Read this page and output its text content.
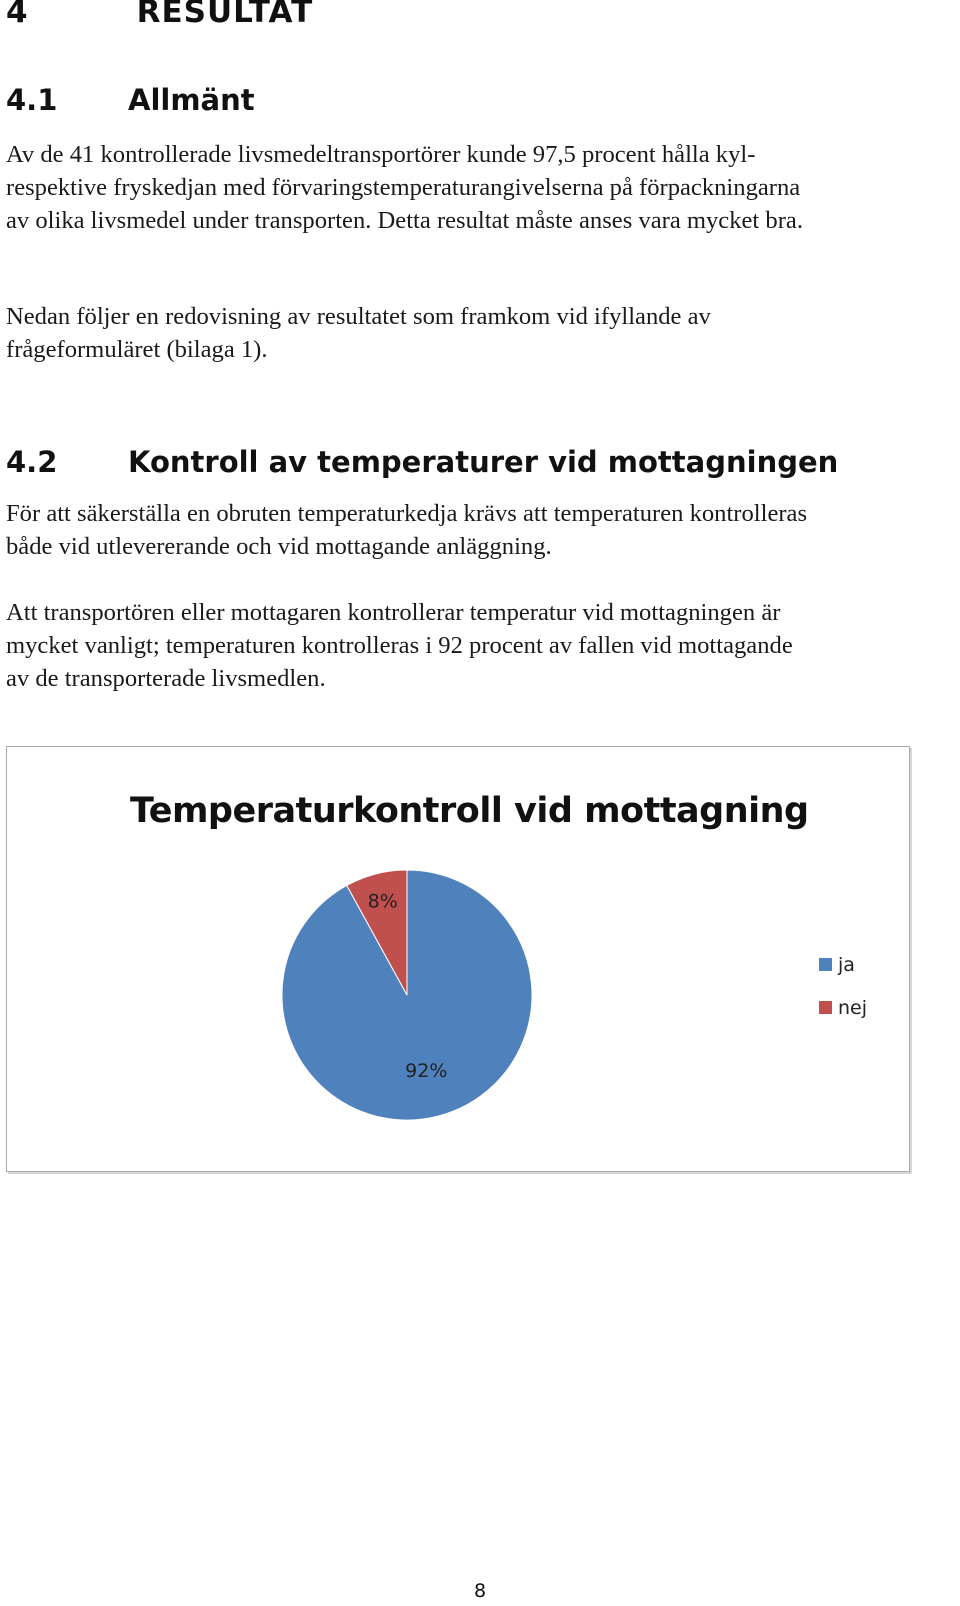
4	RESULTAT
4.1 Allmänt

Av de 41 kontrollerade livsmedeltransportörer kunde 97,5 procent hålla kyl-
respektive fryskedjan med förvaringstemperaturangivelserna på förpackningarna
av olika livsmedel under transporten. Detta resultat måste anses vara mycket bra.

Nedan följer en redovisning av resultatet som framkom vid ifyllande av
frågeformuläret (bilaga 1).

4.2 Kontroll av temperaturer vid mottagningen

För att säkerställa en obruten temperaturkedja krävs att temperaturen kontrolleras
både vid utlevererande och vid mottagande anläggning.

Att transportören eller mottagaren kontrollerar temperatur vid mottagningen är
mycket vanligt; temperaturen kontrolleras i 92 procent av fallen vid mottagande
av de transporterade livsmedlen.

Temperaturkontroll vid mottagning
92%
8%
ja
nej
8
